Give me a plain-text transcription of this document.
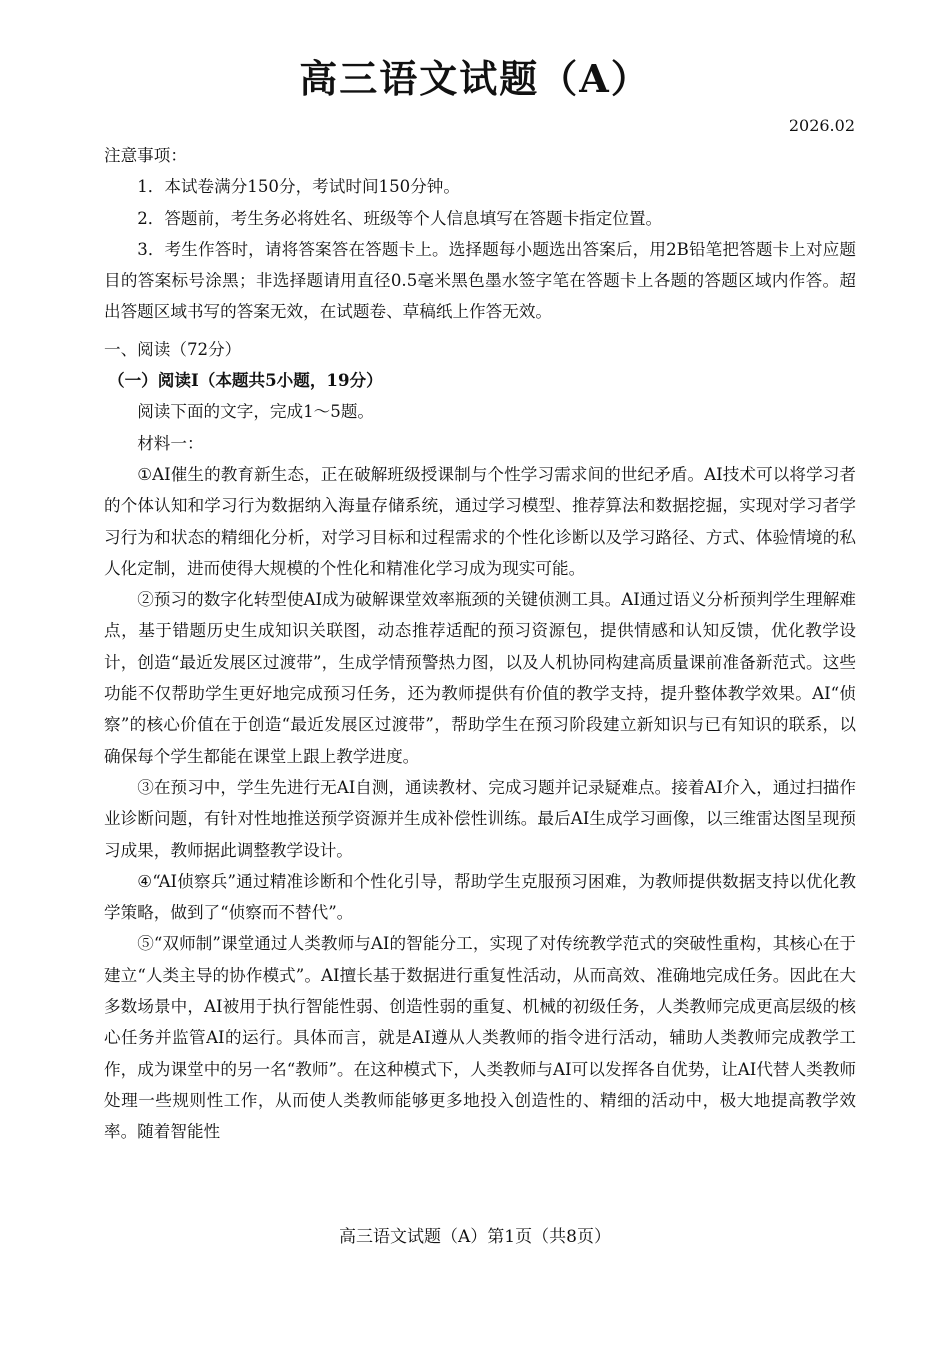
高三语文试题（A）
2026.02

注意事项：

1．本试卷满分150分，考试时间150分钟。

2．答题前，考生务必将姓名、班级等个人信息填写在答题卡指定位置。

3．考生作答时，请将答案答在答题卡上。选择题每小题选出答案后，用2B铅笔把答题卡上对应题目的答案标号涂黑；非选择题请用直径0.5毫米黑色墨水签字笔在答题卡上各题的答题区域内作答。超出答题区域书写的答案无效，在试题卷、草稿纸上作答无效。

一、阅读（72分）

（一）阅读Ⅰ（本题共5小题，19分）

阅读下面的文字，完成1～5题。

材料一：

①AI催生的教育新生态，正在破解班级授课制与个性学习需求间的世纪矛盾。AI技术可以将学习者的个体认知和学习行为数据纳入海量存储系统，通过学习模型、推荐算法和数据挖掘，实现对学习者学习行为和状态的精细化分析，对学习目标和过程需求的个性化诊断以及学习路径、方式、体验情境的私人化定制，进而使得大规模的个性化和精准化学习成为现实可能。

②预习的数字化转型使AI成为破解课堂效率瓶颈的关键侦测工具。AI通过语义分析预判学生理解难点，基于错题历史生成知识关联图，动态推荐适配的预习资源包，提供情感和认知反馈，优化教学设计，创造“最近发展区过渡带”，生成学情预警热力图，以及人机协同构建高质量课前准备新范式。这些功能不仅帮助学生更好地完成预习任务，还为教师提供有价值的教学支持，提升整体教学效果。AI“侦察”的核心价值在于创造“最近发展区过渡带”，帮助学生在预习阶段建立新知识与已有知识的联系，以确保每个学生都能在课堂上跟上教学进度。

③在预习中，学生先进行无AI自测，通读教材、完成习题并记录疑难点。接着AI介入，通过扫描作业诊断问题，有针对性地推送预学资源并生成补偿性训练。最后AI生成学习画像，以三维雷达图呈现预习成果，教师据此调整教学设计。

④“AI侦察兵”通过精准诊断和个性化引导，帮助学生克服预习困难，为教师提供数据支持以优化教学策略，做到了“侦察而不替代”。

⑤“双师制”课堂通过人类教师与AI的智能分工，实现了对传统教学范式的突破性重构，其核心在于建立“人类主导的协作模式”。AI擅长基于数据进行重复性活动，从而高效、准确地完成任务。因此在大多数场景中，AI被用于执行智能性弱、创造性弱的重复、机械的初级任务，人类教师完成更高层级的核心任务并监管AI的运行。具体而言，就是AI遵从人类教师的指令进行活动，辅助人类教师完成教学工作，成为课堂中的另一名“教师”。在这种模式下，人类教师与AI可以发挥各自优势，让AI代替人类教师处理一些规则性工作，从而使人类教师能够更多地投入创造性的、精细的活动中，极大地提高教学效率。随着智能性

高三语文试题（A）第1页（共8页）
